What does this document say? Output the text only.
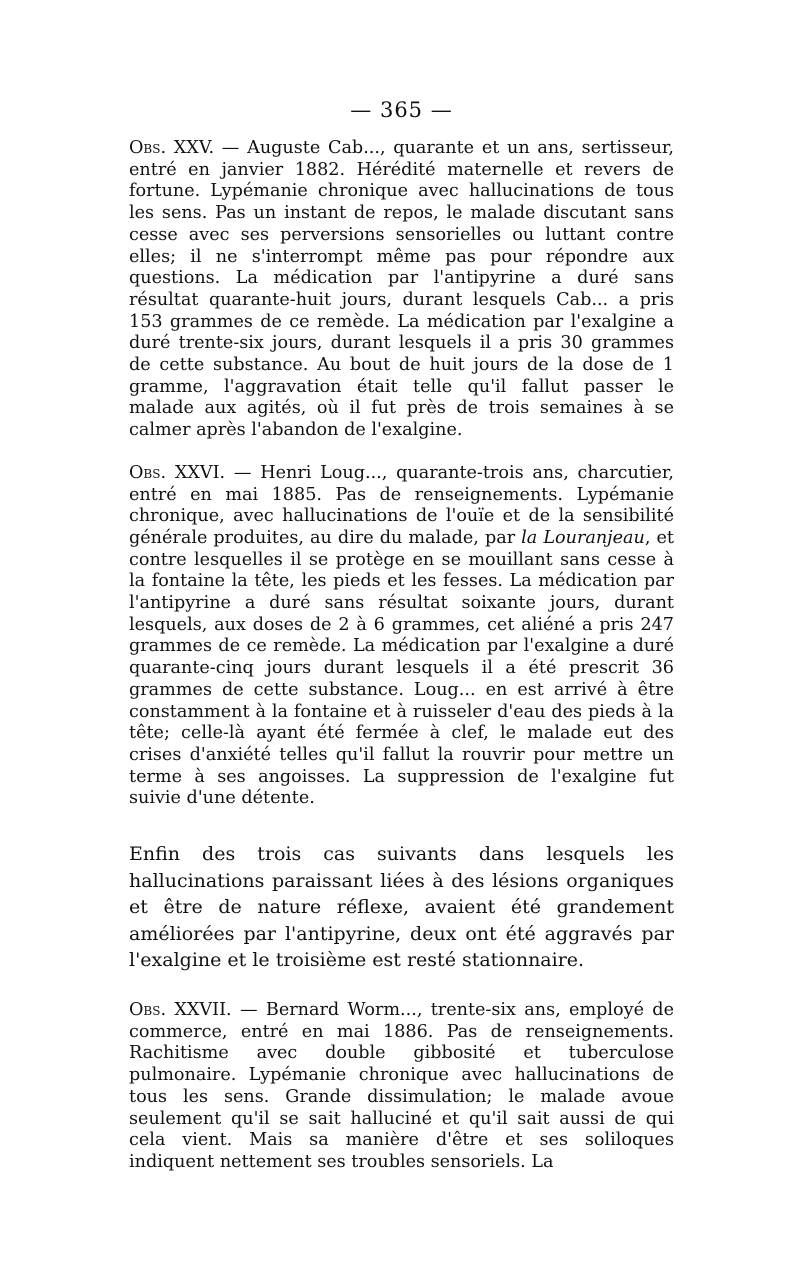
— 365 —

Obs. XXV. — Auguste Cab..., quarante et un ans, sertisseur, entré en janvier 1882. Hérédité maternelle et revers de fortune. Lypémanie chronique avec hallucinations de tous les sens. Pas un instant de repos, le malade discutant sans cesse avec ses perversions sensorielles ou luttant contre elles; il ne s'interrompt même pas pour répondre aux questions. La médication par l'antipyrine a duré sans résultat quarante-huit jours, durant lesquels Cab... a pris 153 grammes de ce remède. La médication par l'exalgine a duré trente-six jours, durant lesquels il a pris 30 grammes de cette substance. Au bout de huit jours de la dose de 1 gramme, l'aggravation était telle qu'il fallut passer le malade aux agités, où il fut près de trois semaines à se calmer après l'abandon de l'exalgine.

Obs. XXVI. — Henri Loug..., quarante-trois ans, charcutier, entré en mai 1885. Pas de renseignements. Lypémanie chronique, avec hallucinations de l'ouïe et de la sensibilité générale produites, au dire du malade, par la Louranjeau, et contre lesquelles il se protège en se mouillant sans cesse à la fontaine la tête, les pieds et les fesses. La médication par l'antipyrine a duré sans résultat soixante jours, durant lesquels, aux doses de 2 à 6 grammes, cet aliéné a pris 247 grammes de ce remède. La médication par l'exalgine a duré quarante-cinq jours durant lesquels il a été prescrit 36 grammes de cette substance. Loug... en est arrivé à être constamment à la fontaine et à ruisseler d'eau des pieds à la tête; celle-là ayant été fermée à clef, le malade eut des crises d'anxiété telles qu'il fallut la rouvrir pour mettre un terme à ses angoisses. La suppression de l'exalgine fut suivie d'une détente.

Enfin des trois cas suivants dans lesquels les hallucinations paraissant liées à des lésions organiques et être de nature réflexe, avaient été grandement améliorées par l'antipyrine, deux ont été aggravés par l'exalgine et le troisième est resté stationnaire.

Obs. XXVII. — Bernard Worm..., trente-six ans, employé de commerce, entré en mai 1886. Pas de renseignements. Rachitisme avec double gibbosité et tuberculose pulmonaire. Lypémanie chronique avec hallucinations de tous les sens. Grande dissimulation; le malade avoue seulement qu'il se sait halluciné et qu'il sait aussi de qui cela vient. Mais sa manière d'être et ses soliloques indiquent nettement ses troubles sensoriels. La
